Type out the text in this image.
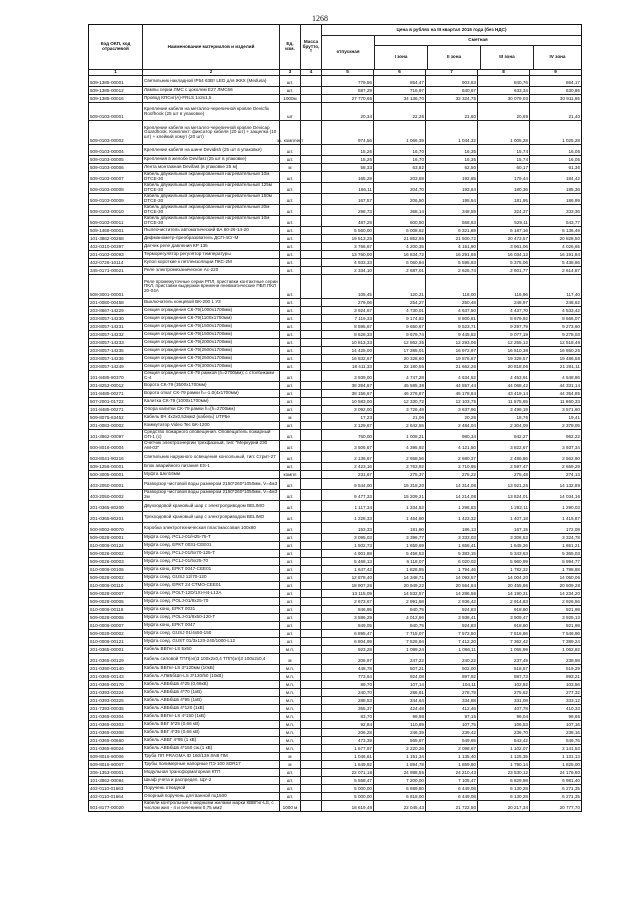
1268
Код ОКП, код отраслевой	Наименование материалов и изделий	Ед. изм.
Масса брутто, т
Цена в рублях на III квартал 2016 года (без НДС)
отпускная
Сметная
I зона	II зона	III зона	IV зона
1	2	3	4	5	6	7	8	9
509-1385-00001
Светильник накладной IP54 63Вт LED для ЖКХ (Medusa)
шт.	779,56	854,47	903,63	840,76	864,17
509-1385-00012	Лампы серии ЛМС с цоколем Е27 ЛМС66	шт.	587,29	716,97	640,67	633,34	630,95
509-1385-00016	Провод КПСнг(А)-FRLS 1х2х1,5	1000м	27 770,65	34 136,70	32 324,75	30 079,03	30 911,65
509-0103-00001
Крепление кабеля на металло-черепичной кровле Devicfix Roofhook (25 шт в упаковке)
шт	20,34	22,26	21,60	20,69	21,40
509-0103-00002
Крепление кабеля на металло-черепичной кровле Devicap Guardhook. Комплект: фиксатор кабеля (20 шт) + защелка (10 шт) + клейкий хомут (20 шт)
эк. комплект	974,56	1 066,39	1 044,32	1 005,28	1 025,28
509-0103-00004
Крепление кабеля на шине Devidish (25 шт в упаковке)
шт.	15,26	16,70	16,35	15,74	16,05
509-0103-00005	Крепления в желобе Devifast (25 шт в упаковке)	шт.	15,26	16,70	16,35	15,74	16,05
509-0103-00006	Лента монтажная Devifast (в упаковке 25 м)	м	58,33	63,82	62,50	60,17	61,36
509-0103-00007
Кабель двужильный экранированный нагревательный 10м DTCE-30	шт.	165,28	203,68	192,85	179,44	184,42
509-0103-00008
Кабель двужильный экранированный нагревательный 125м DTCE-30	шт.	166,11	204,70	193,84	180,36	185,36
509-0103-00009
Кабель двужильный экранированный нагревательный 150м DTCE-30	шт.	167,57	206,50	195,54	181,95	186,99
509-0103-00010
Кабель двужильный экранированный нагревательный 20м DTCE-30	шт.	298,73	368,14	348,59	324,37	333,36
509-0103-00011
Кабель двужильный экранированный нагревательный 10м DTCE-30	шт.	487,29	600,50	568,63	529,11	543,77
509-1468-00001	Пылеочиститель автоматический ВА 60-26-14-20	шт.	5 560,00	6 008,62	6 321,89	6 187,16	6 136,49
101-3862-00268	Дифманометр-преобразователь ДСП-4Сг-М	шт.	19 513,25	21 852,95	21 500,72	20 473,57	20 828,50
402-0310-00397	Датчик реле давления КР 135	шт.	3 766,67	4 200,35	4 151,90	3 961,06	4 026,65
201-0103-00093	Терморегулятор регулятор температуры	шт.	13 760,00	16 834,72	16 291,65	16 034,12	16 191,84
402-0726-10114	Купол короткие к петлеизоляции ПКС-2М	шт.	4 933,33	6 050,84	5 595,93	5 375,06	5 438,86
345-0171-00021	Реле электромеханическое Ас-220	шт.	2 334,10	2 687,01	2 625,74	2 601,77	2 614,87
508-3001-00001
Реле промежуточные серии РПЛ, приставки контактные серии ПКЛ, приставки выдержки времени пневматические ПВЛ ПКЛ 20-04А
шт.	105,45	120,21	118,00	116,96	117,40
201-0080-00458	Выключатель концевой ВК-200 1 У3	шт.	279,06	254,27	250,48	248,97	248,62
203-8667-14229	Секция ограждения СК-79(1000х1700мм)	шт.	3 924,67	4 730,01	4 637,50	4 437,70	4 533,42
203-8057-14230	Секция ограждения СК-79(1100х1700мм)	шт.	7 119,33	9 174,82	8 800,81	8 679,92	8 666,07
203-8057-14231	Секция ограждения СК-79(1500х1700мм)	шт.	8 595,67	9 650,67	9 523,71	9 297,79	9 273,60
203-8057-14232	Секция ограждения СК-79(1500х1700мм)	шт.	8 628,33	9 679,74	9 445,82	9 077,19	9 278,03
203-8057-14233	Секция ограждения СК-79(2000х1700мм)	шт.	10 813,33	12 862,35	12 293,06	12 255,12	12 518,49
203-8057-14235	Секция ограждения СК-79(2500х1700мм)	шт.	14 425,00	17 385,01	16 972,97	16 510,38	16 850,25
203-8057-14236	Секция ограждения СК-79(2500х1700мм)	шт.	16 832,67	20 328,60	19 876,87	19 328,57	19 486,58
203-8057-14249	Секция ограждения СК-79(3000х1700мм)	шт.	18 411,33	22 180,55	21 662,26	20 818,06	21 261,11
101-8485-80370
Секция ограждения СК-79 рамкой (h=2700мм); с столбиками С-4	шт.	3 939,00	4 747,28	4 634,52	4 453,91	4 548,86
201-8253-00012	Ворота СК-79 (3500х1700мм)	шт.	38 394,67	45 585,38	44 557,44	44 068,42	44 331,14
101-8485-00271	Ворота откат СК-79 рамки h=-1.0(4х1700мм)	шт.	38 156,67	46 276,87	45 178,84	43 419,14	44 354,85
507-2001-01722	Калитка СК-79 (1000х1700мм)	шт.	10 583,00	12 330,72	12 103,75	11 575,65	11 860,33
101-8485-00271	Опора калитки СК-79 рамки h=(h=2700мм)	шт.	3 092,00	3 726,48	3 637,96	3 496,19	3 571,60
509-8075-63452	Кабель ВЧ 4х2х0,52мм2 (кабель) UTP5е	м	17,23	21,06	20,26	18,76	19,41
201-0083-00002	Коммутатор Video Tec БК-1200	шт.	2 129,67	2 642,55	2 484,04	2 304,09	2 379,05
101-3862-00097
Средство пожарного оповещения. Оповещатель пожарный ОП-1 (с)	шт.	760,00	1 008,21	980,34	942,27	962,22
500-8016-00004
Счетчик электроэнергии трехфазный, тип: "Меркурий 230 АМ-03"	шт.	3 506,67	4 395,92	4 121,50	3 822,67	3 937,34
503-8041-90216
Светильник наружного освещения консольный, тип: Стрит-27
шт.	2 136,67	2 658,56	2 680,37	2 486,86	2 562,90
509-1256-00001	Блок аварийного питания ES-1	шт.	2 423,16	2 763,92	2 710,95	2 597,47	2 659,29
500-3005-00001	Муфта Шкл16мм	компл	231,67	275,37	275,22	275,48	274,13
403-2050-00001
Разворзор чистовой воды размером 2150*260*1050мм, V=4м3
шт.	9 544,00	15 318,20	14 314,08	13 921,25	14 132,89
403-2050-00002
Разворзор чистовой воды размером 2150*260*1050мм, V=4м3 2м	шт.	9 477,33	15 209,21	14 214,08	13 824,01	14 034,16
201-0365-80200
Двухходовой крановый шар с электроприводом BELIMO
шт.	1 117,34	1 334,52	1 296,83	1 282,11	1 290,03
201-0365-80201
Трехходовой крановый шар с электроприводом BELIMO
шт.	1 228,33	1 464,80	1 423,32	1 407,18	1 415,87
500-8002-90070
Коробка электротехническая пластмассовая 100х80
шт.	153,33	181,80	186,13	167,15	172,08
509-0028-00001	Муфта соед. PCLJ-01/H25-75-Т	шт.	3 095,03	3 396,77	3 333,03	3 306,53	3 324,78
510-0006-00124	Муфта соед. ЕРКТ 0031-СЕЕ01	шт.	1 502,73	1 659,69	1 656,41	1 645,26	1 651,21
509-0026-00002	Муфта соед. PCLJ-01/5х70-125-Т	шт.	4 901,88	5 456,53	5 383,15	5 343,63	5 365,03
509-0026-00003	Муфта соед. PCLJ-01/5х25-70	шт.	5 468,13	6 118,07	6 020,02	5 960,99	5 994,77
510-0006-00106	Муфта конц. ЕРКТ 0047-СЕЕ01	шт.	1 647,42	1 826,55	1 794,46	1 782,32	1 788,88
509-0028-00002	Муфта соед. GUSJ 12/70-120	шт.	12 878,40	14 348,71	14 093,57	14 004,20	14 050,06
510-0006-00110	Муфта соед. ЕРКТ 24 СТМО-СЕЕ01	шт.	18 907,26	20 949,22	20 564,64	20 455,86	20 509,28
509-0028-00007	Муфта соед. POLT-12D/1ХI-Н4-L12A	шт.	13 115,09	14 532,57	14 286,56	14 190,31	14 234,20
509-0028-00005	Муфта соед. POLJ-01/8х25-70	шт.	2 673,67	2 991,68	2 936,42	2 914,83	2 926,56
510-0006-00116	Муфта конц. ЕРКТ 0031	шт.	846,95	940,75	924,83	918,60	921,98
509-0028-00006	Муфта соед. POLJ-01/8х50-120-Т	шт.	3 586,29	4 012,56	3 938,41	3 909,47	3 925,13
510-0006-00007	Муфта конц. ЕРКТ 0047	шт.	849,05	940,75	924,83	918,60	921,98
509-0029-00002	Муфта соед. GUSJ 01/4х50-150	шт.	6 895,47	7 715,07	7 572,50	7 516,86	7 546,96
510-0006-00121	Муфта соед. GUST 01/3х120-240/1000-L12	шт.	6 804,99	7 526,94	7 412,20	7 362,42	7 389,24
201-0365-00001	Кабель ВВГнг-LS 5х50	м.п.	923,28	1 099,24	1 066,11	1 055,99	1 062,82
201-0365-00129
Кабель силовой ТПП(эп)3 100х2х0,4 ТПП(эп)3 100х2х0,4
м	206,97	247,22	240,22	237,49	238,98
201-0390-00140	Кабель ВВГнг-LS 3*120мм (10кВ)	м.п.	448,78	507,21	502,00	518,57	519,29
201-0365-00143	Кабель АПвБбШп-LS 3*120/50 (10кВ)	м.п.	773,64	924,08	897,92	887,73	893,21
201-0365-00170	Кабель АВБбШв 4*25 (0,66кВ)	м.п.	89,70	107,14	104,11	102,92	103,56
201-0393-00324	Кабель АВБбШв 4*70 (1кВ)	м.п.	240,70	286,91	278,79	275,62	277,32
201-0393-00325	Кабель АВБбШв 4*95 (1кВ)	м.п.	288,53	344,64	334,88	331,08	333,12
201-7393-00035	Кабель АВБбШв 4*120 (1кВ)	м.п.	355,37	424,48	412,46	407,78	410,33
201-0365-00304	Кабель ВВГнг-LS 4*150 (1кВ)	м.п.	83,70	99,98	97,15	96,04	96,65
201-0365-00303	Кабель ВВГ 5*25 (0,66 кВ)	м.п.	92,84	110,89	107,75	106,53	107,16
201-0365-00308	Кабель ВВГ 4*35 (0,66 кВ)	м.п.	206,28	246,39	239,42	236,70	238,16
201-0365-00660	Кабель АВВГ 4*95 (1 кВ)	м.п.	473,39	565,67	549,65	543,42	546,76
201-0365-80024	Кабель АВБбШв 4*150 сж.(1 кВ)	м.п.	1 677,97	2 220,26	2 098,67	1 102,07	2 141,53
509-8016-90006	Труба ПП PRAGMA ID 160/139 SN8 ПМ	м	1 046,61	1 151,34	1 135,40	1 125,35	1 131,13
509-8016-90007	Трубы полимерные напорные ПЭ 100 SDR17	м	1 649,92	1 894,78	1 859,60	1 790,14	1 825,00
206-1353-00001	Модульная трансформаторная КТП	шт.	22 071,18	24 988,55	24 210,43	23 530,12	24 176,60
101-3862-00084	Шкаф учета и распредел. ЩУ-2	шт.	5 558,47	7 200,00	7 105,47	6 829,98	6 981,40
402-0110-01663	Поручень откидной	шт.	5 000,00	6 689,80	6 449,08	6 130,28	6 271,35
402-0110-01664	Опорный поручень для ванной пц1500	шт.	5 000,00	6 818,00	6 449,08	6 130,28	6 271,35
501-8177-00020
Кабели контрольные с медными жилами марки КВВГнг-LS, с числом жил - 4 и сечением 0,75 мм2	1000 м	18 619,49	22 045,43	21 722,50	20 217,34	20 777,70
